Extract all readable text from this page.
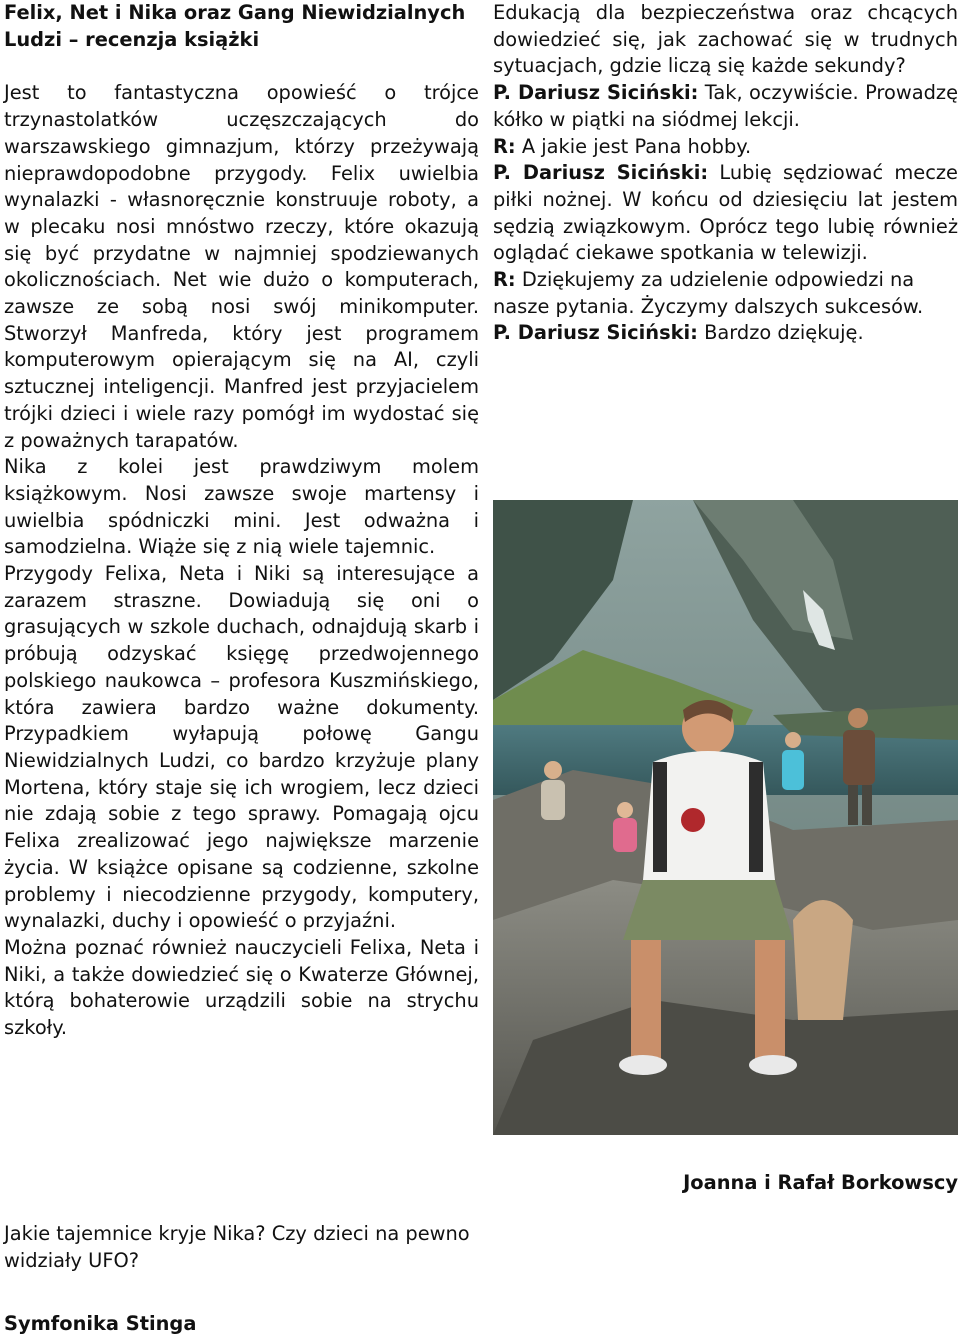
Felix, Net i Nika oraz Gang Niewidzialnych Ludzi – recenzja książki

Jest to fantastyczna opowieść o trójce trzynastolatków uczęszczających do warszawskiego gimnazjum, którzy przeżywają nieprawdopodobne przygody. Felix uwielbia wynalazki - własnoręcznie konstruuje roboty, a w plecaku nosi mnóstwo rzeczy, które okazują się być przydatne w najmniej spodziewanych okolicznościach. Net wie dużo o komputerach, zawsze ze sobą nosi swój minikomputer. Stworzył Manfreda, który jest programem komputerowym opierającym się na AI, czyli sztucznej inteligencji. Manfred jest przyjacielem trójki dzieci i wiele razy pomógł im wydostać się z poważnych tarapatów.

Nika z kolei jest prawdziwym molem książkowym. Nosi zawsze swoje martensy i uwielbia spódniczki mini. Jest odważna i samodzielna. Wiąże się z nią wiele tajemnic.

Przygody Felixa, Neta i Niki są interesujące a zarazem straszne. Dowiadują się oni o grasujących w szkole duchach, odnajdują skarb i próbują odzyskać księgę przedwojennego polskiego naukowca – profesora Kuszmińskiego, która zawiera bardzo ważne dokumenty. Przypadkiem wyłapują połowę Gangu Niewidzialnych Ludzi, co bardzo krzyżuje plany Mortena, który staje się ich wrogiem, lecz dzieci nie zdają sobie z tego sprawy. Pomagają ojcu Felixa zrealizować jego największe marzenie życia. W książce opisane są codzienne, szkolne problemy i niecodzienne przygody, komputery, wynalazki, duchy i opowieść o przyjaźni.

Można poznać również nauczycieli Felixa, Neta i Niki, a także dowiedzieć się o Kwaterze Głównej, którą bohaterowie urządzili sobie na strychu szkoły.

Jakie tajemnice kryje Nika? Czy dzieci na pewno widziały UFO?

Edukacją dla bezpieczeństwa oraz chcących dowiedzieć się, jak zachować się w trudnych sytuacjach, gdzie liczą się każde sekundy?

P. Dariusz Siciński: Tak, oczywiście. Prowadzę kółko w piątki na siódmej lekcji.

R: A jakie jest Pana hobby.

P. Dariusz Siciński: Lubię sędziować mecze piłki nożnej. W końcu od dziesięciu lat jestem sędzią związkowym. Oprócz tego lubię również oglądać ciekawe spotkania w telewizji.

R: Dziękujemy za udzielenie odpowiedzi na nasze pytania. Życzymy dalszych sukcesów.

P. Dariusz Siciński: Bardzo dziękuję.

Joanna i Rafał Borkowscy

Symfonika Stinga
